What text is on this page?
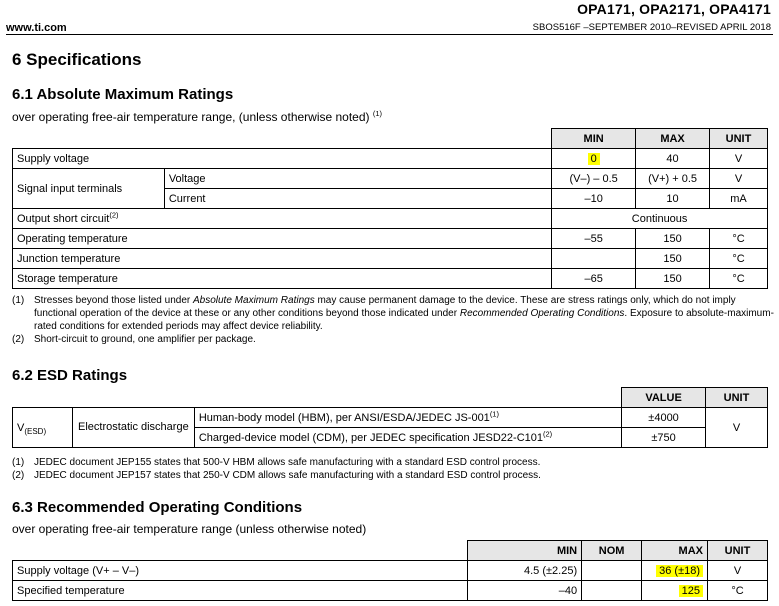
www.ti.com
OPA171, OPA2171, OPA4171
SBOS516F –SEPTEMBER 2010–REVISED APRIL 2018
6 Specifications
6.1 Absolute Maximum Ratings
over operating free-air temperature range, (unless otherwise noted) $^{(1)}$
		MIN	MAX	UNIT
Supply voltage		0	40	V
Signal input terminals	Voltage	(V–) – 0.5	(V+) + 0.5	V
	Current	–10	10	mA
Output short circuit$^{(2)}$		Continuous		
Operating temperature		–55	150	°C
Junction temperature			150	°C
Storage temperature		–65	150	°C
(1) Stresses beyond those listed under Absolute Maximum Ratings may cause permanent damage to the device. These are stress ratings only, which do not imply functional operation of the device at these or any other conditions beyond those indicated under Recommended Operating Conditions. Exposure to absolute-maximum-rated conditions for extended periods may affect device reliability.
(2) Short-circuit to ground, one amplifier per package.
6.2 ESD Ratings
			VALUE	UNIT
$V_{(ESD)}$	Electrostatic discharge	Human-body model (HBM), per ANSI/ESDA/JEDEC $JS-001^{(1)}$	±4000	V
		Charged-device model (CDM), per JEDEC specification $JESD22-C101^{(2)}$	±750	
(1) JEDEC document JEP155 states that 500-V HBM allows safe manufacturing with a standard ESD control process.
(2) JEDEC document JEP157 states that 250-V CDM allows safe manufacturing with a standard ESD control process.
6.3 Recommended Operating Conditions
over operating free-air temperature range (unless otherwise noted)
	MIN	NOM	MAX	UNIT
Supply voltage (V+ – V–)	4.5 (±2.25)		36 (±18)	V
Specified temperature	–40		125	°C
